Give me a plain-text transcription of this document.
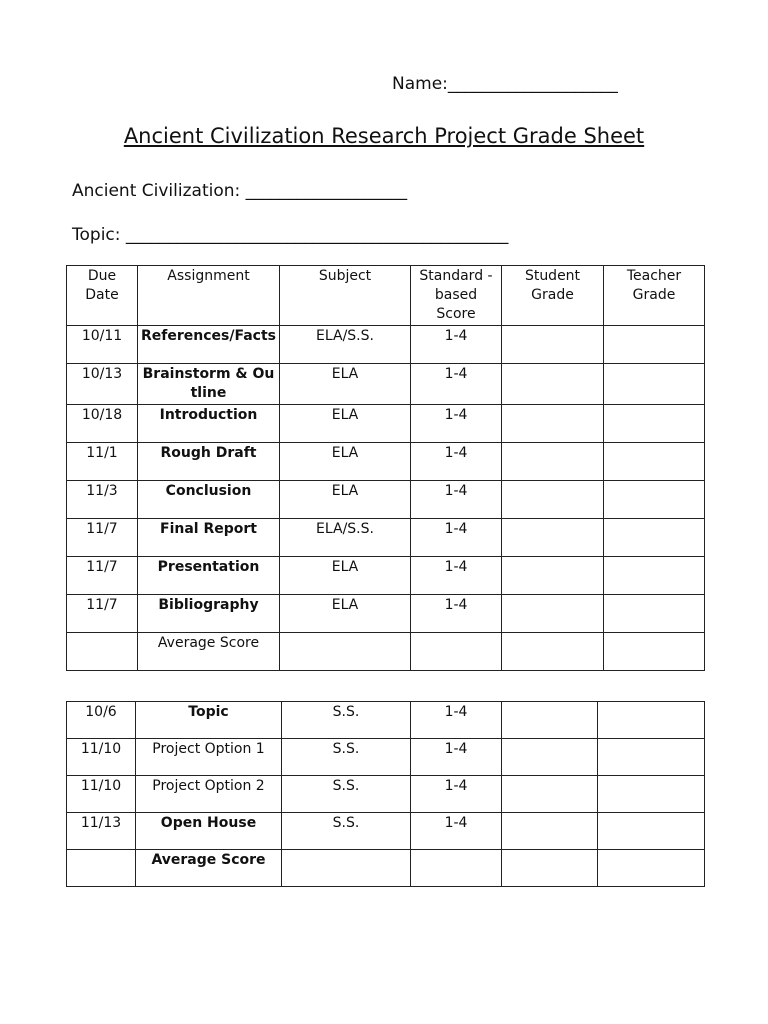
Name:____________________
Ancient Civilization Research Project Grade Sheet
Ancient Civilization: ___________________
Topic: _____________________________________________
Due Date	Assignment	Subject	Standard -based Score	Student Grade	Teacher Grade
10/11	References/Facts	ELA/S.S.	1-4		
10/13	Brainstorm & Outline	ELA	1-4		
10/18	Introduction	ELA	1-4		
11/1	Rough Draft	ELA	1-4		
11/3	Conclusion	ELA	1-4		
11/7	Final Report	ELA/S.S.	1-4		
11/7	Presentation	ELA	1-4		
11/7	Bibliography	ELA	1-4		
	Average Score				
10/6	Topic	S.S.	1-4		
11/10	Project Option 1	S.S.	1-4		
11/10	Project Option 2	S.S.	1-4		
11/13	Open House	S.S.	1-4		
	Average Score				
